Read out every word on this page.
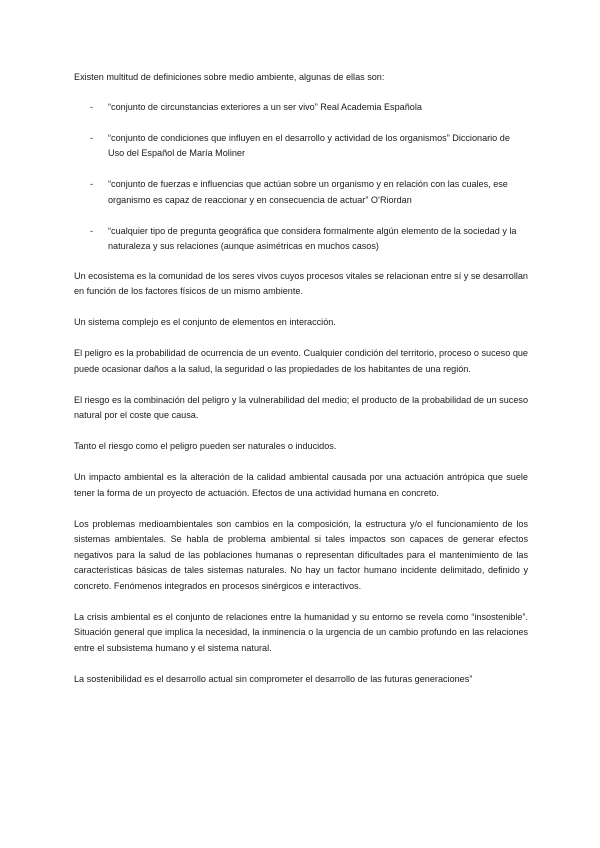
Existen multitud de definiciones sobre medio ambiente, algunas de ellas son:

- “conjunto de circunstancias exteriores a un ser vivo” Real Academia Española
- “conjunto de condiciones que influyen en el desarrollo y actividad de los organismos” Diccionario de Uso del Español de María Moliner
- “conjunto de fuerzas e influencias que actúan sobre un organismo y en relación con las cuales, ese organismo es capaz de reaccionar y en consecuencia de actuar” O’Riordan
- “cualquier tipo de pregunta geográfica que considera formalmente algún elemento de la sociedad y la naturaleza y sus relaciones (aunque asimétricas en muchos casos)

Un ecosistema es la comunidad de los seres vivos cuyos procesos vitales se relacionan entre sí y se desarrollan en función de los factores físicos de un mismo ambiente.

Un sistema complejo es el conjunto de elementos en interacción.

El peligro es la probabilidad de ocurrencia de un evento. Cualquier condición del territorio, proceso o suceso que puede ocasionar daños a la salud, la seguridad o las propiedades de los habitantes de una región.

El riesgo es la combinación del peligro y la vulnerabilidad del medio; el producto de la probabilidad de un suceso natural por el coste que causa.

Tanto el riesgo como el peligro pueden ser naturales o inducidos.

Un impacto ambiental es la alteración de la calidad ambiental causada por una actuación antrópica que suele tener la forma de un proyecto de actuación. Efectos de una actividad humana en concreto.

Los problemas medioambientales son cambios en la composición, la estructura y/o el funcionamiento de los sistemas ambientales. Se habla de problema ambiental si tales impactos son capaces de generar efectos negativos para la salud de las poblaciones humanas o representan dificultades para el mantenimiento de las características básicas de tales sistemas naturales. No hay un factor humano incidente delimitado, definido y concreto. Fenómenos integrados en procesos sinérgicos e interactivos.

La crisis ambiental es el conjunto de relaciones entre la humanidad y su entorno se revela como “insostenible”. Situación general que implica la necesidad, la inminencia o la urgencia de un cambio profundo en las relaciones entre el subsistema humano y el sistema natural.

La sostenibilidad es el desarrollo actual sin comprometer el desarrollo de las futuras generaciones”
